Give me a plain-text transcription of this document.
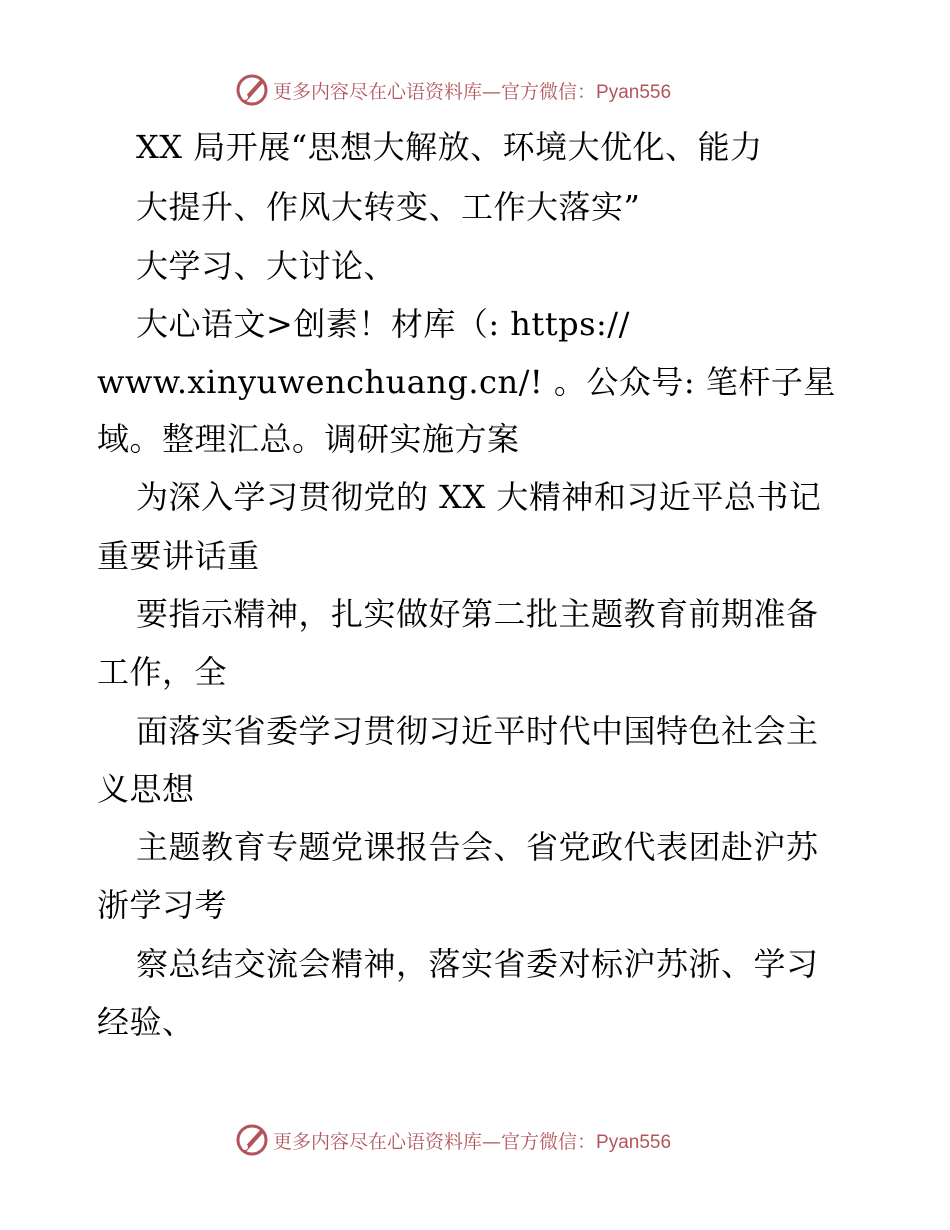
更多内容尽在心语资料库—官方微信：Pyan556
XX 局开展“思想大解放、环境大优化、能力
大提升、作风大转变、工作大落实”
大学习、大讨论、
大心语文>创素！材库（: https://
www.xinyuwenchuang.cn/! 。公众号: 笔杆子星
域。整理汇总。调研实施方案
为深入学习贯彻党的 XX 大精神和习近平总书记
重要讲话重
要指示精神，扎实做好第二批主题教育前期准备
工作，全
面落实省委学习贯彻习近平时代中国特色社会主
义思想
主题教育专题党课报告会、省党政代表团赴沪苏
浙学习考
察总结交流会精神，落实省委对标沪苏浙、学习
经验、
更多内容尽在心语资料库—官方微信：Pyan556
